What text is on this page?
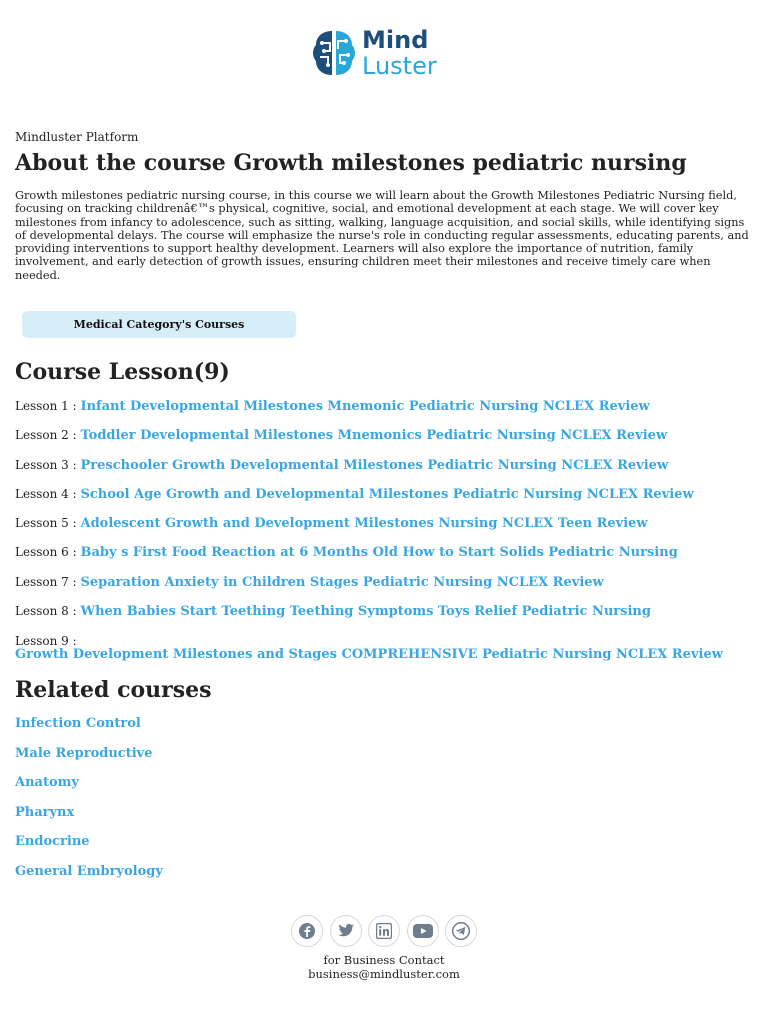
Mind
Luster
Mindluster Platform
About the course Growth milestones pediatric nursing

Growth milestones pediatric nursing course, in this course we will learn about the Growth Milestones Pediatric Nursing field, focusing on tracking childrenâ€™s physical, cognitive, social, and emotional development at each stage. We will cover key milestones from infancy to adolescence, such as sitting, walking, language acquisition, and social skills, while identifying signs of developmental delays. The course will emphasize the nurse's role in conducting regular assessments, educating parents, and providing interventions to support healthy development. Learners will also explore the importance of nutrition, family involvement, and early detection of growth issues, ensuring children meet their milestones and receive timely care when needed.

Medical Category's Courses
Course Lesson(9)
Lesson 1 : Infant Developmental Milestones Mnemonic Pediatric Nursing NCLEX Review
Lesson 2 : Toddler Developmental Milestones Mnemonics Pediatric Nursing NCLEX Review
Lesson 3 : Preschooler Growth Developmental Milestones Pediatric Nursing NCLEX Review
Lesson 4 : School Age Growth and Developmental Milestones Pediatric Nursing NCLEX Review
Lesson 5 : Adolescent Growth and Development Milestones Nursing NCLEX Teen Review
Lesson 6 : Baby s First Food Reaction at 6 Months Old How to Start Solids Pediatric Nursing
Lesson 7 : Separation Anxiety in Children Stages Pediatric Nursing NCLEX Review
Lesson 8 : When Babies Start Teething Teething Symptoms Toys Relief Pediatric Nursing
Lesson 9 :
Growth Development Milestones and Stages COMPREHENSIVE Pediatric Nursing NCLEX Review
Related courses
Infection Control
Male Reproductive
Anatomy
Pharynx
Endocrine
General Embryology
for Business Contact
business@mindluster.com
